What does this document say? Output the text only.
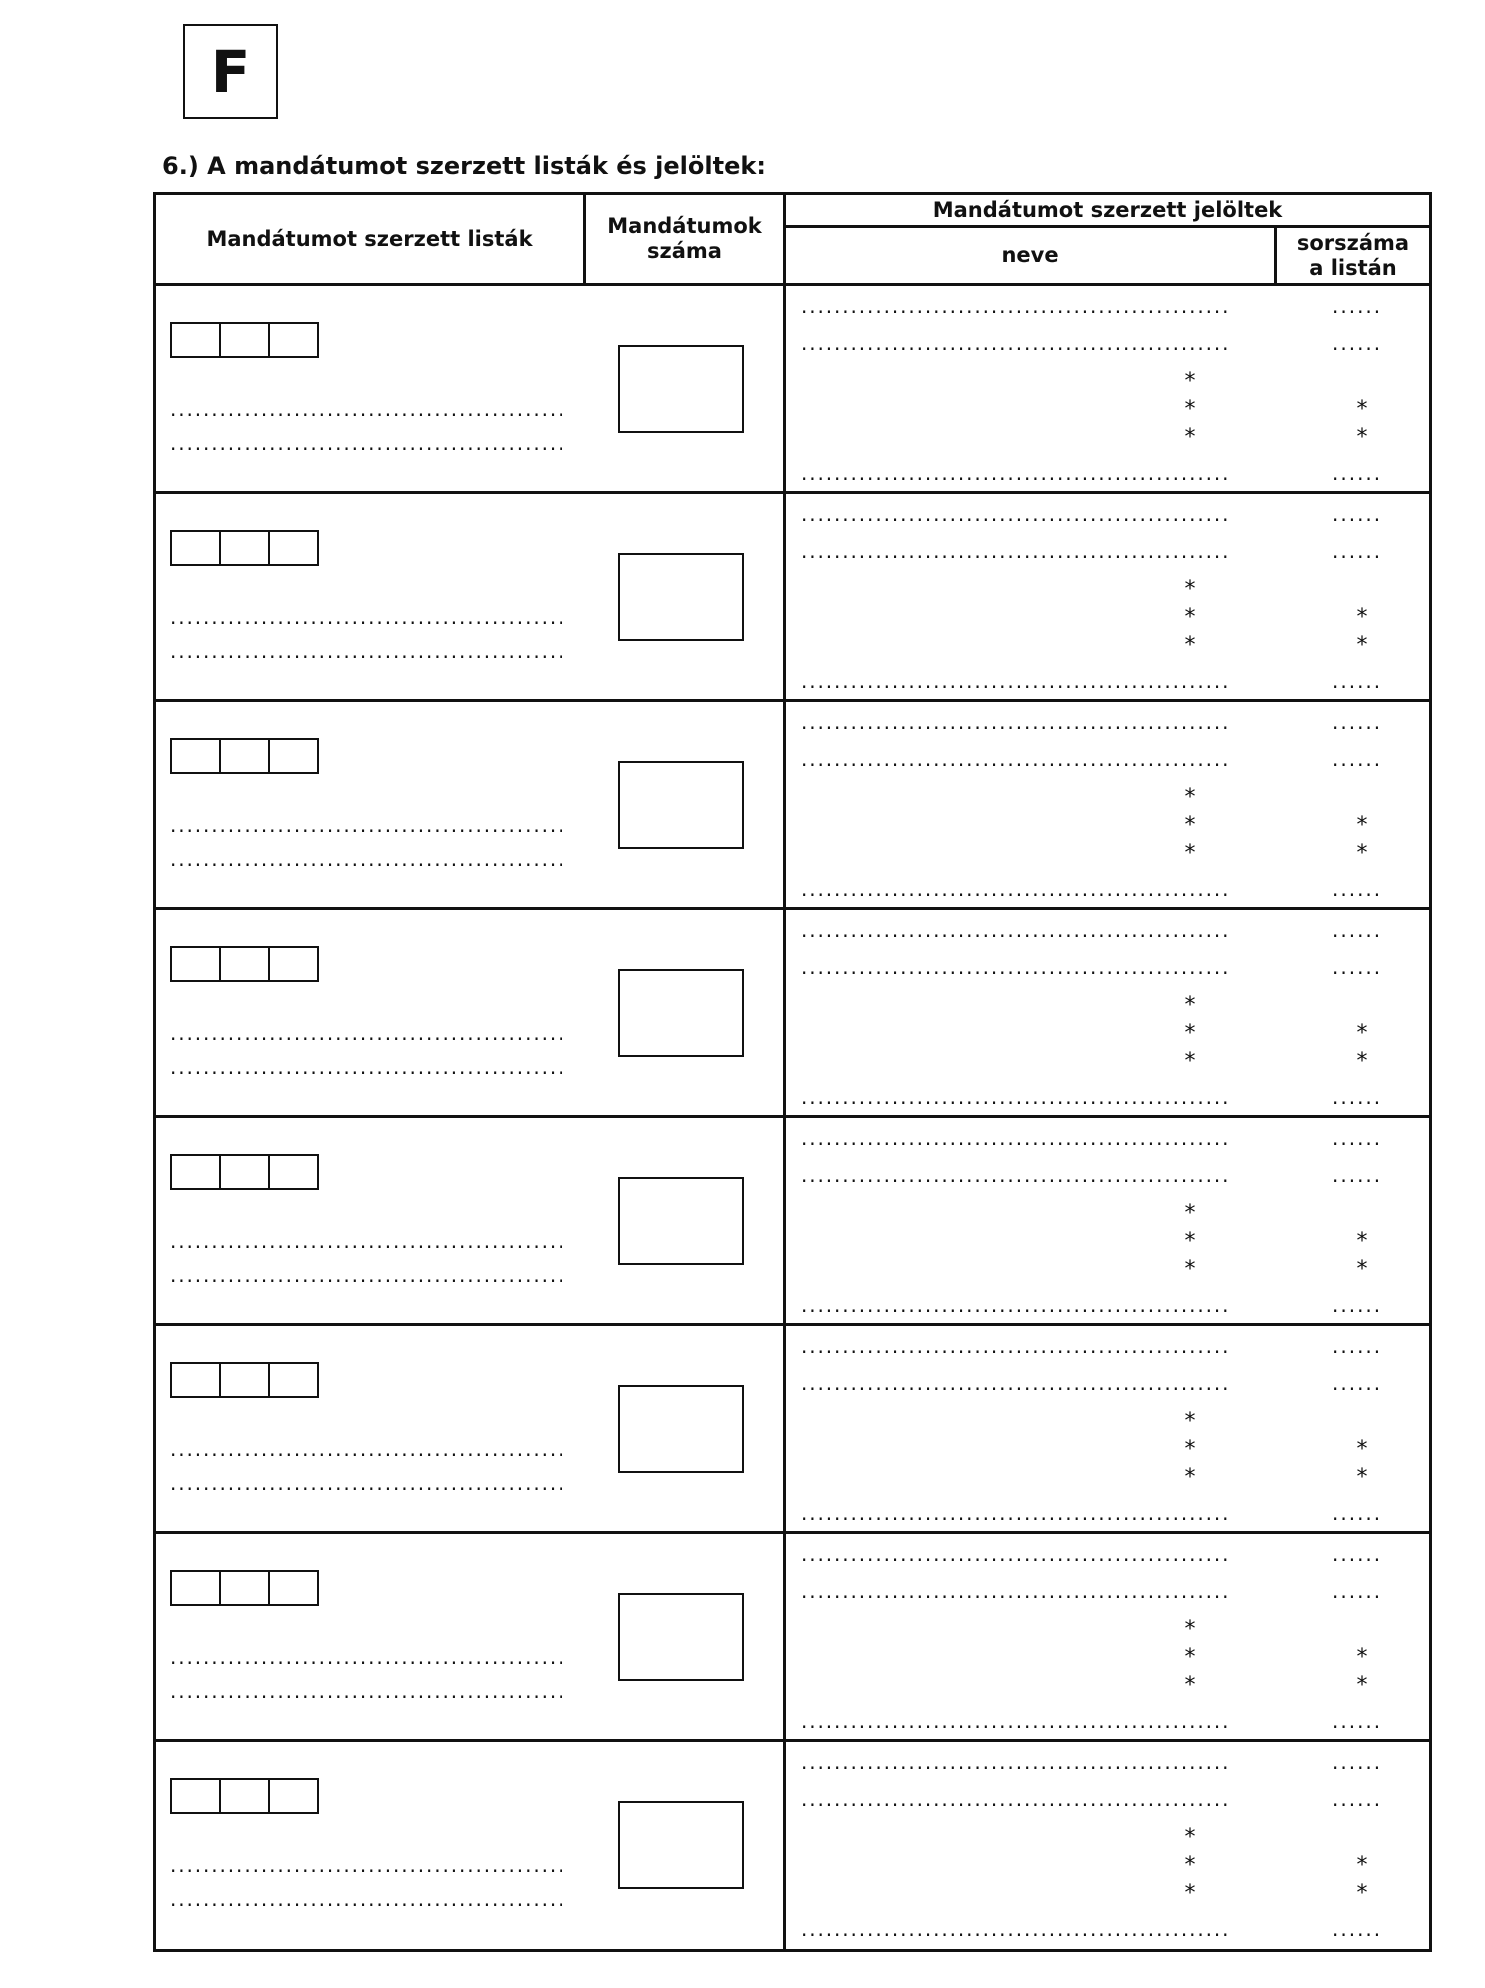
F
6.) A mandátumot szerzett listák és jelöltek:
Mandátumot szerzett listák
Mandátumok száma
Mandátumot szerzett jelöltek
neve
sorszáma a listán
.....
.....
.....
.....
.....
......
......
......
*
*
*
*
*
.....
.....
.....
.....
.....
......
......
......
*
*
*
*
*
.....
.....
.....
.....
.....
......
......
......
*
*
*
*
*
.....
.....
.....
.....
.....
......
......
......
*
*
*
*
*
.....
.....
.....
.....
.....
......
......
......
*
*
*
*
*
.....
.....
.....
.....
.....
......
......
......
*
*
*
*
*
.....
.....
.....
.....
.....
......
......
......
*
*
*
*
*
.....
.....
.....
.....
.....
......
......
......
*
*
*
*
*
